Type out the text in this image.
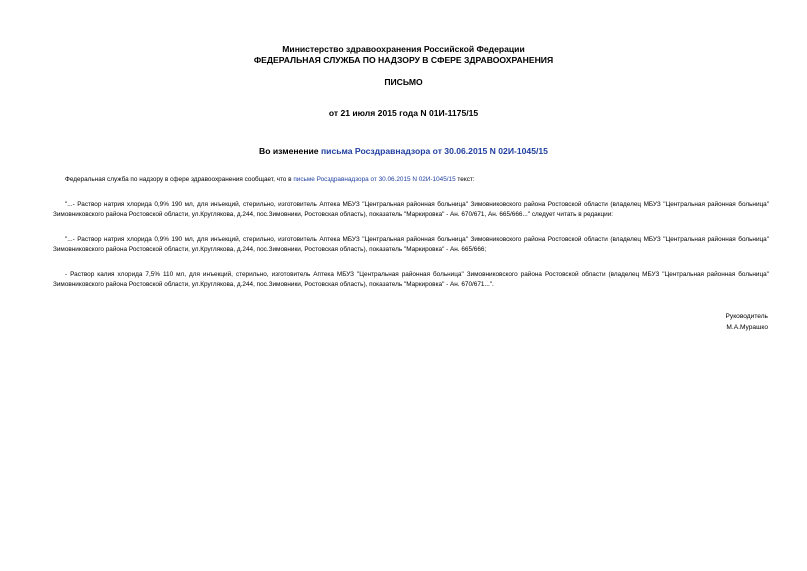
Министерство здравоохранения Российской Федерации
ФЕДЕРАЛЬНАЯ СЛУЖБА ПО НАДЗОРУ В СФЕРЕ ЗДРАВООХРАНЕНИЯ
ПИСЬМО
от 21 июля 2015 года N 01И-1175/15
Во изменение письма Росздравнадзора от 30.06.2015 N 02И-1045/15

Федеральная служба по надзору в сфере здравоохранения сообщает, что в письме Росздравнадзора от 30.06.2015 N 02И-1045/15 текст:

"...- Раствор натрия хлорида 0,9% 190 мл, для инъекций, стерильно, изготовитель Аптека МБУЗ "Центральная районная больница" Зимовниковского района Ростовской области (владелец МБУЗ "Центральная районная больница" Зимовниковского района Ростовской области, ул.Круглякова, д.244, пос.Зимовники, Ростовская область), показатель "Маркировка" - Ан. 670/671, Ан. 665/666..." следует читать в редакции:

"...- Раствор натрия хлорида 0,9% 190 мл, для инъекций, стерильно, изготовитель Аптека МБУЗ "Центральная районная больница" Зимовниковского района Ростовской области (владелец МБУЗ "Центральная районная больница" Зимовниковского района Ростовской области, ул.Круглякова, д.244, пос.Зимовники, Ростовская область), показатель "Маркировка" - Ан. 665/666;

- Раствор калия хлорида 7,5% 110 мл, для инъекций, стерильно, изготовитель Аптека МБУЗ "Центральная районная больница" Зимовниковского района Ростовской области (владелец МБУЗ "Центральная районная больница" Зимовниковского района Ростовской области, ул.Круглякова, д.244, пос.Зимовники, Ростовская область), показатель "Маркировка" - Ан. 670/671...".

Руководитель
М.А.Мурашко
